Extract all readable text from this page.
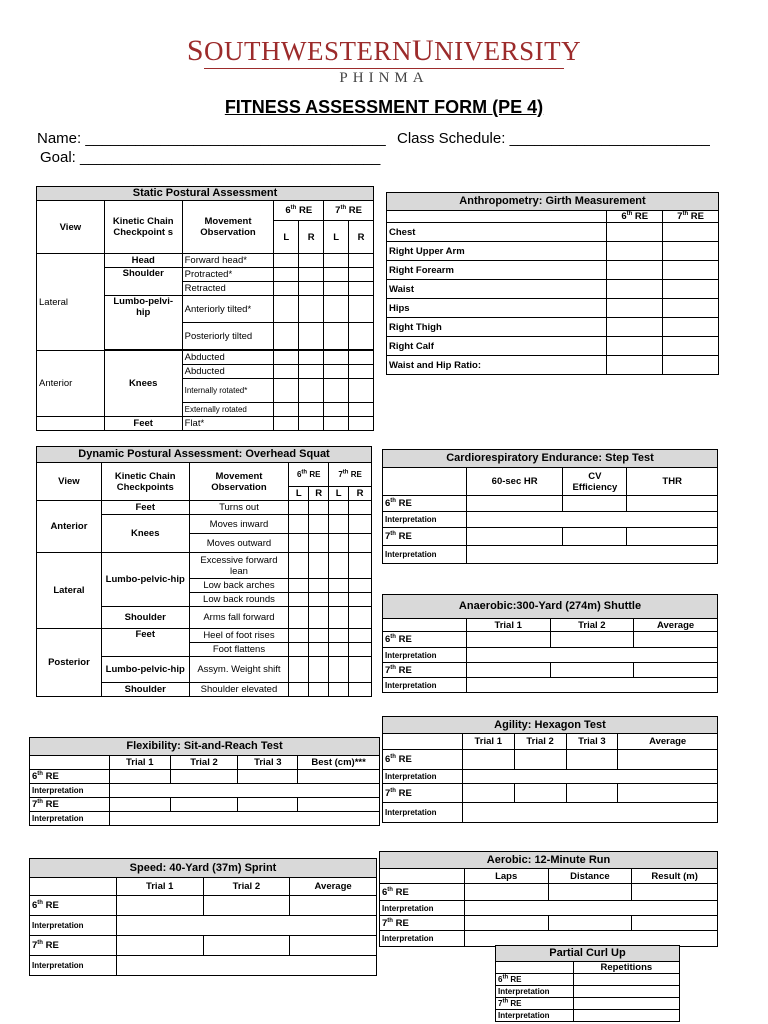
SOUTHWESTERNUNIVERSITY
PHINMA
FITNESS ASSESSMENT FORM (PE 4)
Name: ____________________________________ Class Schedule: ________________________
Goal: ____________________________________
Static Postural Assessment						
View	Kinetic Chain Checkpoint s	Movement Observation	6th RE		7th RE	
			L	R	L	R
Lateral	Head	Forward head*				
	Shoulder	Protracted*				
		Retracted				
	Lumbo-pelvi-hip	Anteriorly tilted*				
		Posteriorly tilted				

Anterior	Knees	Abducted				
		Abducted				
		Internally rotated*				
		Externally rotated				
	Feet	Flat*				
Anthropometry: Girth Measurement		
	6th RE	7th RE
Chest		
Right Upper Arm		
Right Forearm		
Waist		
Hips		
Right Thigh		
Right Calf		
Waist and Hip Ratio:		
Dynamic Postural Assessment: Overhead Squat						
View	Kinetic Chain Checkpoints	Movement Observation	6th RE		7th RE	
			L	R	L	R
Anterior	Feet	Turns out				
	Knees	Moves inward				
		Moves outward				
Lateral	Lumbo-pelvic-hip	Excessive forward lean				
		Low back arches				
		Low back rounds				
	Shoulder	Arms fall forward				
Posterior	Feet	Heel of foot rises				
		Foot flattens				
	Lumbo-pelvic-hip	Assym. Weight shift				
	Shoulder	Shoulder elevated				
Cardiorespiratory Endurance: Step Test			
	60-sec HR	CV Efficiency	THR
6th RE			
Interpretation			
7th RE			
Interpretation			
Anaerobic:300-Yard (274m) Shuttle			
	Trial 1	Trial 2	Average
6th RE			
Interpretation			
7th RE			
Interpretation			
Agility: Hexagon Test				
	Trial 1	Trial 2	Trial 3	Average
6th RE				
Interpretation				
7th RE				
Interpretation				
Flexibility: Sit-and-Reach Test				
	Trial 1	Trial 2	Trial 3	Best (cm)***
6th RE				
Interpretation				
7th RE				
Interpretation				
Speed: 40-Yard (37m) Sprint			
	Trial 1	Trial 2	Average
6th RE			
Interpretation			
7th RE			
Interpretation			
Aerobic: 12-Minute Run			
	Laps	Distance	Result (m)
6th RE			
Interpretation			
7th RE			
Interpretation			
Partial Curl Up	
	Repetitions
6th RE	
Interpretation	
7th RE	
Interpretation	
